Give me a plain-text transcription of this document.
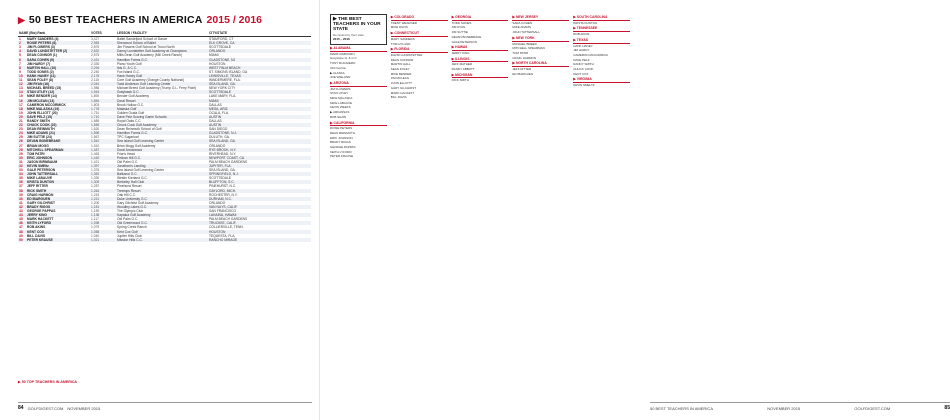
▶ 50 BEST TEACHERS IN AMERICA 2015 / 2016
NAME (Bio) Rank		VOTES	LESSON / FACILITY	CITY/STATE
1	MARY SANDERS (4)	3,427	Ballet Sandefjord School of Dance	STAMFORD, CT
2	ROSIE PETERS (8)	2,983	Sherwood School of Ballet	ELK GROVE, CA
3	JIM FLOWERS (3)	2,875	Jim Flowers Golf School at Troon North	SCOTTSDALE
4	DAVID LUNDSTETTER (2)	2,632	Danny Lundstetter Golf Academy at Champions	ORLANDO
5	DEAN CONNOR (1)	2,575	Mills Dean Golf Academy (Mill Creek Ranch)	MIAMI
6	SARA COHEN (9)	2,431	Hamilton Farms G.C.	GLADSTONE, NJ
7	JIM HARDY (7)	2,330	Plano Youth Golf	HOUSTON
8	MARTIN HALL (10)	2,294	Ibis G. & C.C.	WEST PALM BEACH
9	TODD SONES (2)	2,240	Fox Island G.C.	ST. SIMONS ISLAND, GA
10	HANK HANEY (11)	2,178	Hank Haney Golf	LEWISVILLE, TEXAS
11	SEAN FOLEY (8)	2,115	Core Golf Academy (Orange County National)	WINDERMERE, FLA.
12	JIM RYAN (16)	2,044	Todd Anderson Golf Learning Center	SEA ISLAND, GA.
13	MICHAEL BREED (15)	1,986	Michael Breed Golf Academy (Trump G.L. Ferry Point)	NEW YORK CITY
14	STAN UTLEY (12)	1,943	Grayhawk G.C.	SCOTTSDALE
15	MIKE BENDER (14)	1,892	Bender Golf Academy	LAKE MARY, FLA.
16	JIM MCLEAN (13)	1,854	Doral Resort	MIAMI
17	CAMERON MCCORMICK	1,803	Brook Hollow G.C.	DALLAS
18	MIKE MALASKA (19)	1,778	Malaska Golf	MESA, ARIZ.
19	JOHN ELLIOTT (20)	1,751	Golden Ocala Golf	OCALA, FLA.
20	DAVE PELZ (15)	1,710	Dave Pelz Scoring Game Schools	AUSTIN
21	RANDY SMITH	1,689	Royal Oaks C.C.	DALLAS
22	CHUCK COOK (22)	1,655	Chuck Cook Golf Academy	AUSTIN
23	DEAN REINMUTH	1,620	Dean Reinmuth School of Golf	SAN DIEGO
24	MIKE ADAMS (21)	1,598	Hamilton Farms G.C.	GLADSTONE, N.J.
25	JIM SUTTIE (24)	1,567	TPC Sugarloaf	DULUTH, GA.
26	DEVAN BONEBRAKE	1,542	Sea Island Golf Learning Center	SEA ISLAND, GA.
27	BRIAN MOGG	1,510	Brian Mogg Golf Academy	ORLANDO
28	MITCHELL SPEARMAN	1,487	Doral Arrowwood	RYE BROOK, N.Y.
29	TOM PATRI	1,463	Friar's Head	RIVERHEAD, N.Y.
30	ERIC JOHNSON	1,440	Pelican Hill G.C.	NEWPORT COAST, CA
31	JASON BIRNBAUM	1,421	Old Palm G.C.	PALM BEACH GARDENS
32	KEVIN SMEltz	1,397	Jonathan's Landing	JUPITER, FLA.
33	GALE PETERSON	1,375	Sea Island Golf Learning Center	SEA ISLAND, GA.
34	JOHN TATTERSALL	1,352	Baltusrol G.C.	SPRINGFIELD, N.J.
35	MIKE LABAUVE	1,330	Westin Kierland G.C.	SCOTTSDALE
36	KRISTA DUNTON	1,309	Berkeley Hall Club	BLUFFTON, S.C.
37	JEFF RITTER	1,287	Pinehurst Resort	PINEHURST, N.C.
38	RICK SMITH	1,264	Treetops Resort	GAYLORD, MICH.
39	CRAIG HARMON	1,243	Oak Hill C.C.	ROCHESTER, N.Y.
40	ED IBARGUEN	1,221	Duke University G.C.	DURHAM, N.C.
41	GARY GILCHRIST	1,200	Gary Gilchrist Golf Academy	ORLANDO
42	BRADY RIGGS	1,181	Woodley Lakes G.C.	VAN NUYS, CALIF.
43	GEORGE PAPPAS	1,159	The Olympic Club	SAN FRANCISCO
44	JERRY KING	1,138	Kapalua Golf Academy	LAHAINA, HAWAII
45	MARK HACKETT	1,117	Old Palm G.C.	PALM BEACH GARDENS
46	KEITH LYFORD	1,098	Old Greenwood G.C.	TRUCKEE, CALIF.
47	ROB AKINS	1,079	Spring Creek Ranch	COLLIERVILLE, TENN.
48	KENT COX	1,058	Kent Cox Golf	HOUSTON
49	BILL DAVIS	1,040	Jupiter Hills Club	TEQUESTA, FLA.
50	PETER KRAUSE	1,021	Mission Hills C.C.	RANCHO MIRAGE
▶ 50 TOP TEACHERS IN AMERICA
84 GOLFDIGEST.COM NOVEMBER 2015
▶ THE BEST TEACHERS IN YOUR STATE
Re-ranked by their state
2015 – 2016
▶ ALABAMA
MARK RABOURN
Greystone G. & C.C.
TONY RUGGIERO
Old Overton
▶ ALASKA
JOE WIELAND
▶ ARIZONA
JIM FLOWERS
STAN UTLEY
MIKE MALASKA
MIKE LABAUVE
KEVIN WEEKS
▶ ARKANSAS
BOB SHAW
▶ CALIFORNIA
ROSIE PETERS
DEAN REINMUTH
ERIC JOHNSON
BRADY RIGGS
GEORGE PAPPAS
KEITH LYFORD
PETER KRAUSE
▶ COLORADO
TRENT WEARNER
MIKE DAVIS
▶ CONNECTICUT
MARY SANDERS
TOM HYLAND
▶ FLORIDA
DAVID LUNDSTETTER
DEAN CONNOR
MARTIN HALL
SEAN FOLEY
MIKE BENDER
JIM MCLEAN
JOHN ELLIOTT
GARY GILCHRIST
MARK HACKETT
BILL DAVIS
▶ GEORGIA
TODD SONES
JIM RYAN
JIM SUTTIE
DEVAN BONEBRAKE
GALE PETERSON
▶ HAWAII
JERRY KING
▶ ILLINOIS
JEFF MATHER
RANDY ABBOTT
▶ MICHIGAN
RICK SMITH
▶ NEW JERSEY
SARA COHEN
MIKE ADAMS
JOHN TATTERSALL
▶ NEW YORK
MICHAEL BREED
MITCHELL SPEARMAN
TOM PATRI
CRAIG HARMON
▶ NORTH CAROLINA
JEFF RITTER
ED IBARGUEN
▶ SOUTH CAROLINA
KRISTA DUNTON
▶ TENNESSEE
ROB AKINS
▶ TEXAS
HANK HANEY
JIM HARDY
CAMERON MCCORMICK
DAVE PELZ
RANDY SMITH
CHUCK COOK
KENT COX
▶ VIRGINIA
KEVIN SMELTZ
50 BEST TEACHERS IN AMERICA	NOVEMBER 2015	GOLFDIGEST.COM	85
